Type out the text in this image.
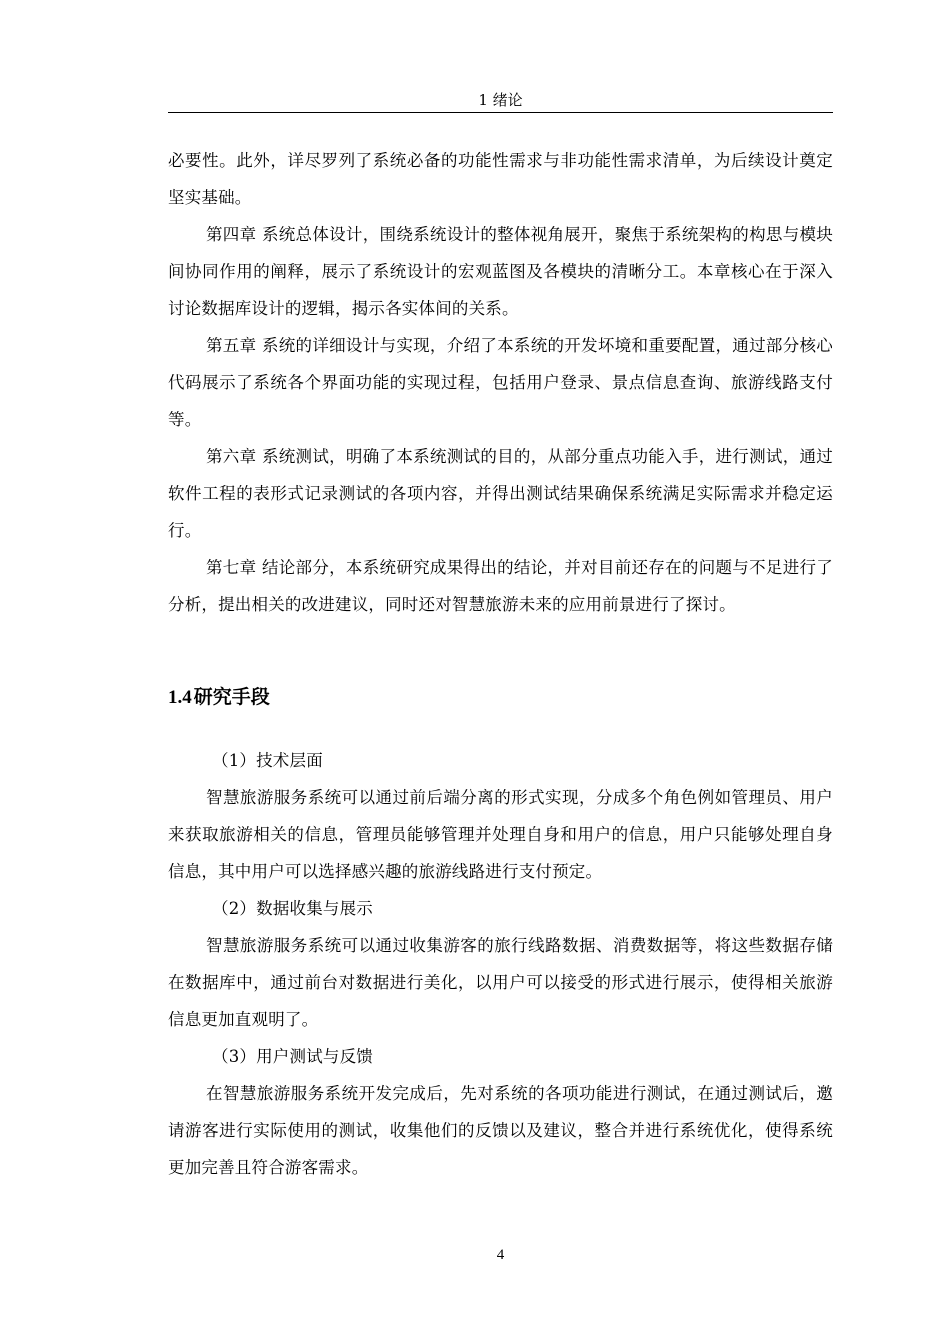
1 绪论

必要性。此外，详尽罗列了系统必备的功能性需求与非功能性需求清单，为后续设计奠定坚实基础。

第四章 系统总体设计，围绕系统设计的整体视角展开，聚焦于系统架构的构思与模块间协同作用的阐释，展示了系统设计的宏观蓝图及各模块的清晰分工。本章核心在于深入讨论数据库设计的逻辑，揭示各实体间的关系。

第五章 系统的详细设计与实现，介绍了本系统的开发坏境和重要配置，通过部分核心代码展示了系统各个界面功能的实现过程，包括用户登录、景点信息查询、旅游线路支付等。

第六章 系统测试，明确了本系统测试的目的，从部分重点功能入手，进行测试，通过软件工程的表形式记录测试的各项内容，并得出测试结果确保系统满足实际需求并稳定运行。

第七章 结论部分，本系统研究成果得出的结论，并对目前还存在的问题与不足进行了分析，提出相关的改进建议，同时还对智慧旅游未来的应用前景进行了探讨。

1.4 研究手段

（1）技术层面

智慧旅游服务系统可以通过前后端分离的形式实现，分成多个角色例如管理员、用户来获取旅游相关的信息，管理员能够管理并处理自身和用户的信息，用户只能够处理自身信息，其中用户可以选择感兴趣的旅游线路进行支付预定。

（2）数据收集与展示

智慧旅游服务系统可以通过收集游客的旅行线路数据、消费数据等，将这些数据存储在数据库中，通过前台对数据进行美化，以用户可以接受的形式进行展示，使得相关旅游信息更加直观明了。

（3）用户测试与反馈

在智慧旅游服务系统开发完成后，先对系统的各项功能进行测试，在通过测试后，邀请游客进行实际使用的测试，收集他们的反馈以及建议，整合并进行系统优化，使得系统更加完善且符合游客需求。

4
